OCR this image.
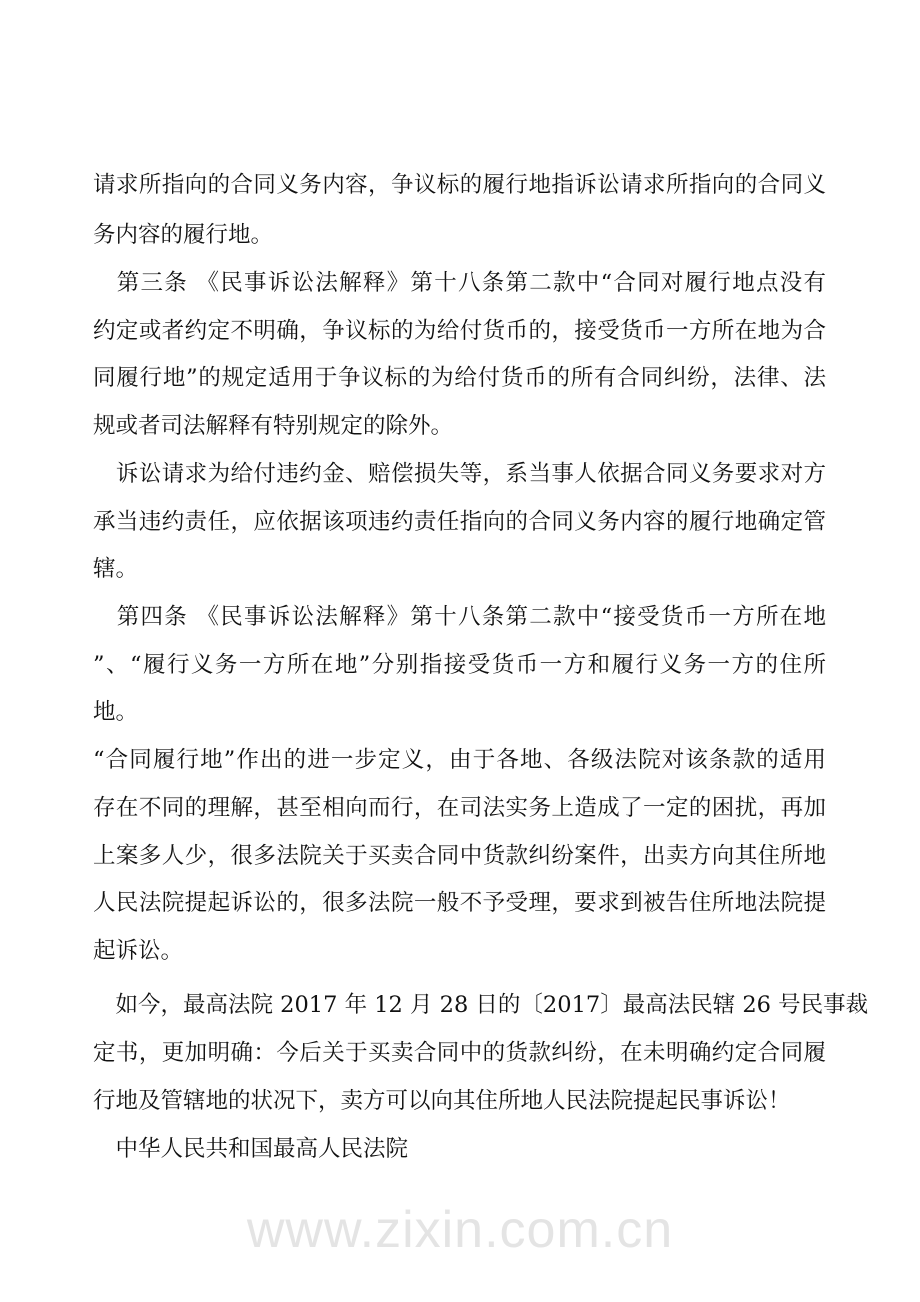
www.zixin.com.cn
请求所指向的合同义务内容，争议标的履行地指诉讼请求所指向的合同义
务内容的履行地。
　第三条 《民事诉讼法解释》第十八条第二款中“合同对履行地点没有
约定或者约定不明确，争议标的为给付货币的，接受货币一方所在地为合
同履行地”的规定适用于争议标的为给付货币的所有合同纠纷，法律、法
规或者司法解释有特别规定的除外。
　诉讼请求为给付违约金、赔偿损失等，系当事人依据合同义务要求对方
承当违约责任，应依据该项违约责任指向的合同义务内容的履行地确定管
辖。
　第四条 《民事诉讼法解释》第十八条第二款中“接受货币一方所在地
”、“履行义务一方所在地”分别指接受货币一方和履行义务一方的住所
地。
“合同履行地”作出的进一步定义，由于各地、各级法院对该条款的适用
存在不同的理解，甚至相向而行，在司法实务上造成了一定的困扰，再加
上案多人少，很多法院关于买卖合同中货款纠纷案件，出卖方向其住所地
人民法院提起诉讼的，很多法院一般不予受理，要求到被告住所地法院提
起诉讼。
　如今，最高法院 2017 年 12 月 28 日的〔2017〕最高法民辖 26 号民事裁
定书，更加明确：今后关于买卖合同中的货款纠纷，在未明确约定合同履
行地及管辖地的状况下，卖方可以向其住所地人民法院提起民事诉讼！
　中华人民共和国最高人民法院
